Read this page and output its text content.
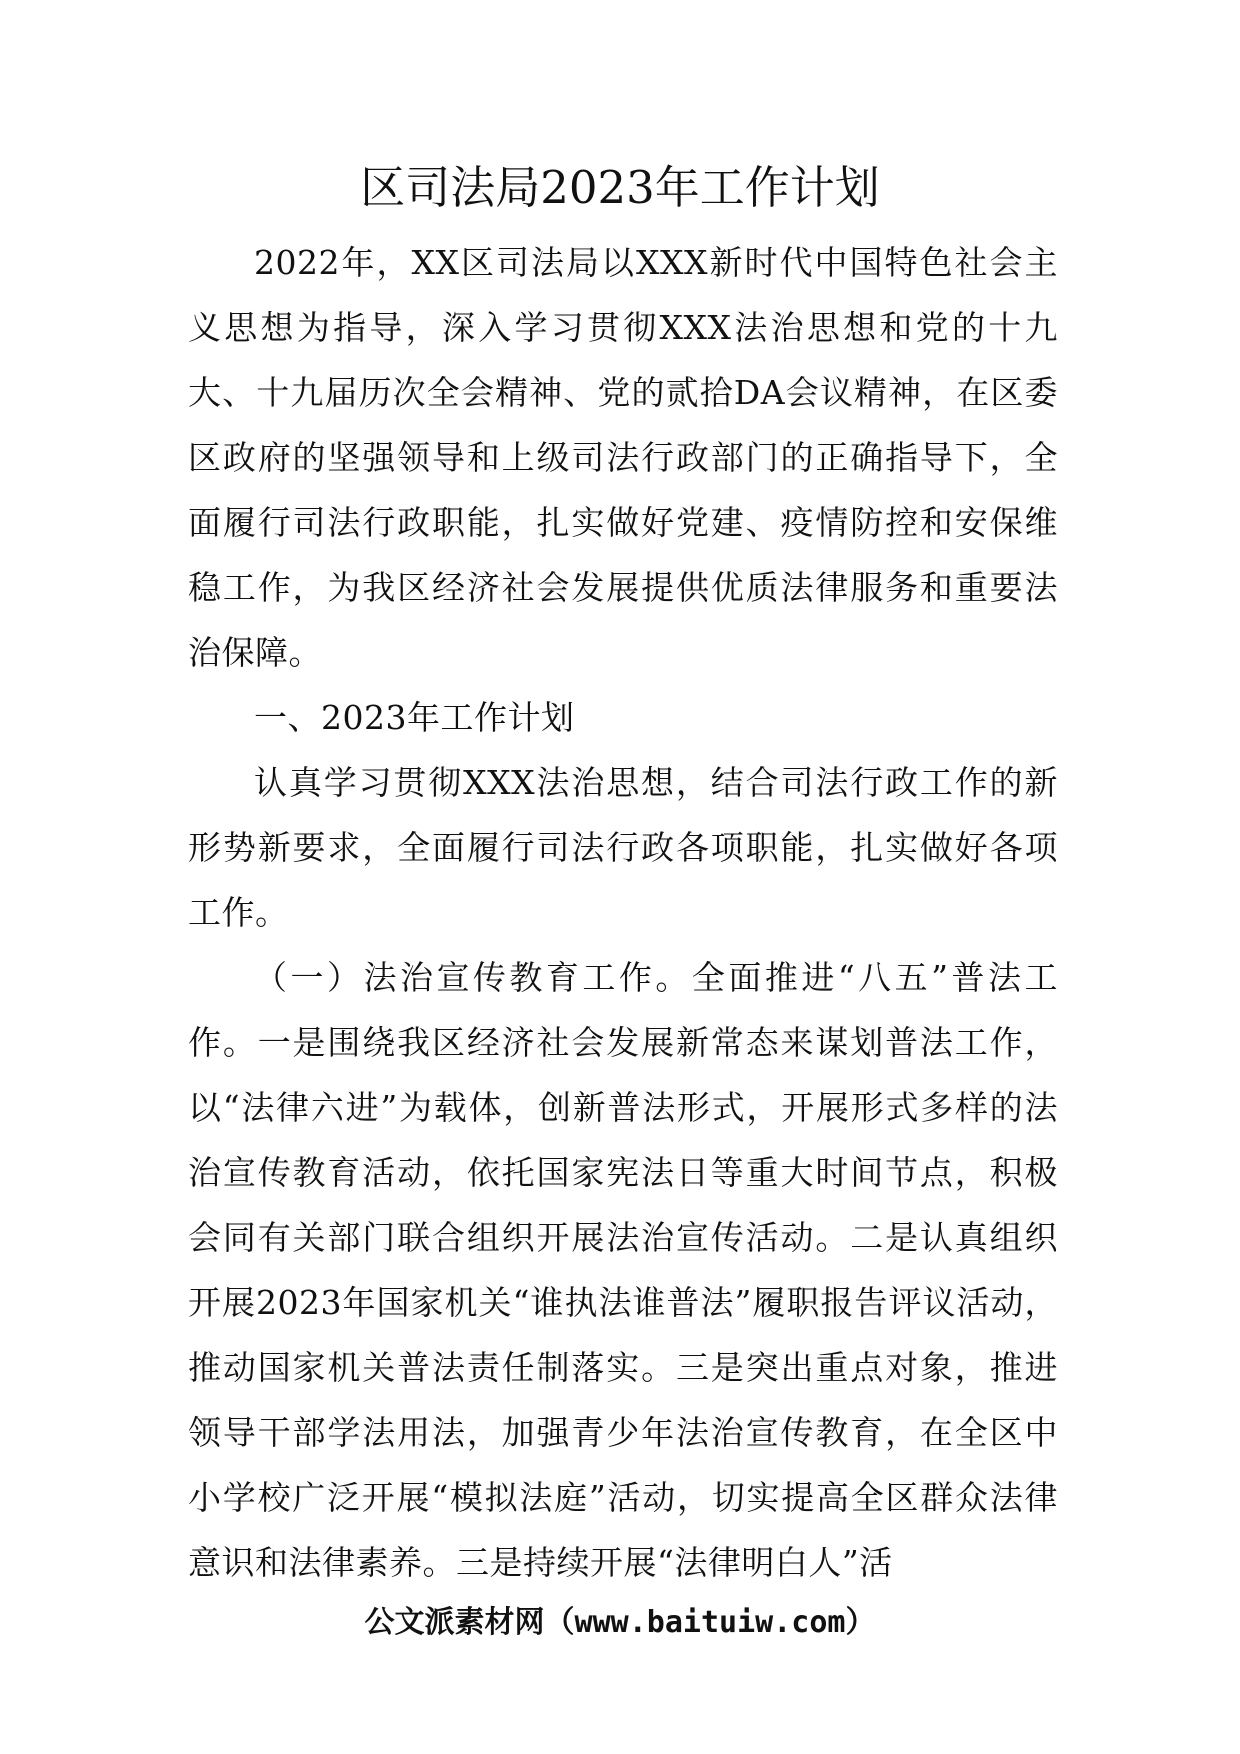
区司法局2023年工作计划

2022年，XX区司法局以XXX新时代中国特色社会主义思想为指导，深入学习贯彻XXX法治思想和党的十九大、十九届历次全会精神、党的贰拾DA会议精神，在区委区政府的坚强领导和上级司法行政部门的正确指导下，全面履行司法行政职能，扎实做好党建、疫情防控和安保维稳工作，为我区经济社会发展提供优质法律服务和重要法治保障。

一、2023年工作计划

认真学习贯彻XXX法治思想，结合司法行政工作的新形势新要求，全面履行司法行政各项职能，扎实做好各项工作。

（一）法治宣传教育工作。全面推进“八五”普法工作。一是围绕我区经济社会发展新常态来谋划普法工作，以“法律六进”为载体，创新普法形式，开展形式多样的法治宣传教育活动，依托国家宪法日等重大时间节点，积极会同有关部门联合组织开展法治宣传活动。二是认真组织开展2023年国家机关“谁执法谁普法”履职报告评议活动，推动国家机关普法责任制落实。三是突出重点对象，推进领导干部学法用法，加强青少年法治宣传教育，在全区中小学校广泛开展“模拟法庭”活动，切实提高全区群众法律意识和法律素养。三是持续开展“法律明白人”活

公文派素材网（www.baituiw.com）
